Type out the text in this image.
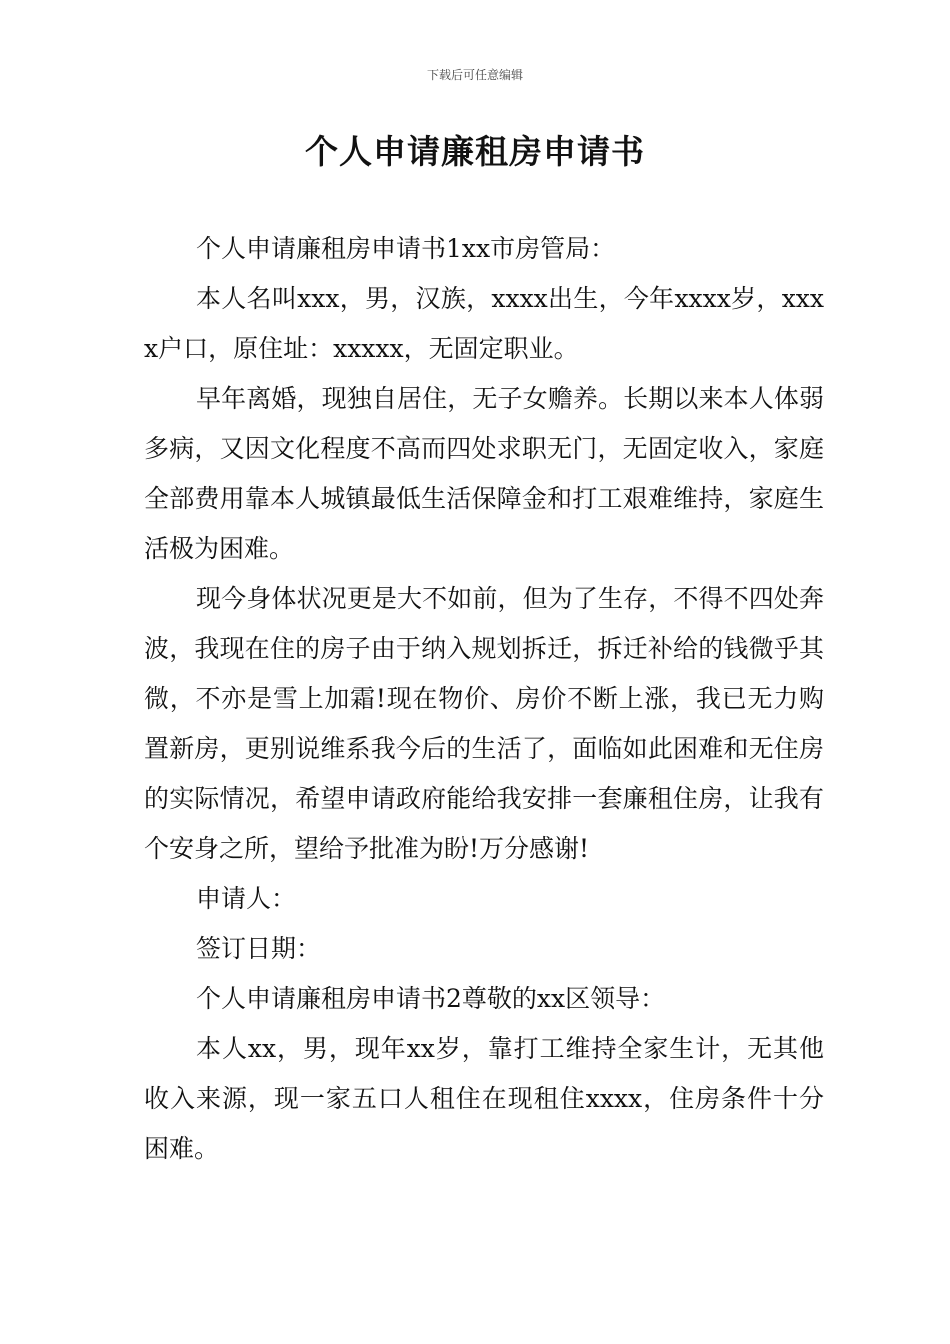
下载后可任意编辑
个人申请廉租房申请书

个人申请廉租房申请书1xx市房管局：

本人名叫xxx，男，汉族，xxxx出生，今年xxxx岁，xxxx户口，原住址：xxxxx，无固定职业。

早年离婚，现独自居住，无子女赡养。长期以来本人体弱多病，又因文化程度不高而四处求职无门，无固定收入，家庭全部费用靠本人城镇最低生活保障金和打工艰难维持，家庭生活极为困难。

现今身体状况更是大不如前，但为了生存，不得不四处奔波，我现在住的房子由于纳入规划拆迁，拆迁补给的钱微乎其微，不亦是雪上加霜!现在物价、房价不断上涨，我已无力购置新房，更别说维系我今后的生活了，面临如此困难和无住房的实际情况，希望申请政府能给我安排一套廉租住房，让我有个安身之所，望给予批准为盼!万分感谢!

申请人：

签订日期：

个人申请廉租房申请书2尊敬的xx区领导：

本人xx，男，现年xx岁，靠打工维持全家生计，无其他收入来源，现一家五口人租住在现租住xxxx，住房条件十分困难。
